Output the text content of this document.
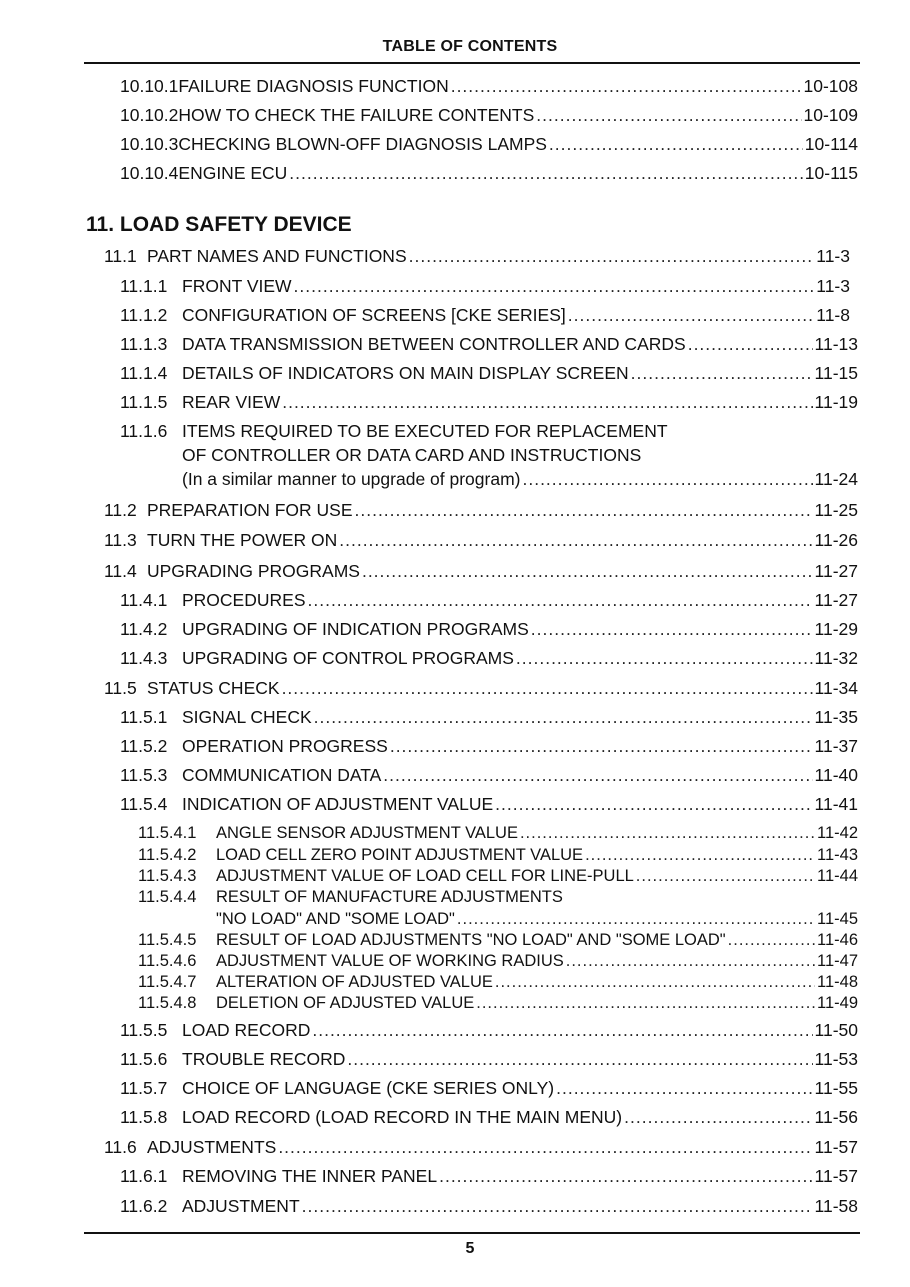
TABLE OF CONTENTS
10.10.1 FAILURE DIAGNOSIS FUNCTION .....	10-108
10.10.2 HOW TO CHECK THE FAILURE CONTENTS .....	10-109
10.10.3 CHECKING BLOWN-OFF DIAGNOSIS LAMPS .....	10-114
10.10.4 ENGINE ECU .....	10-115
11. LOAD SAFETY DEVICE
11.1 PART NAMES AND FUNCTIONS .....	11-3
11.1.1 FRONT VIEW .....	11-3
11.1.2 CONFIGURATION OF SCREENS [CKE SERIES] .....	11-8
11.1.3 DATA TRANSMISSION BETWEEN CONTROLLER AND CARDS .....	11-13
11.1.4 DETAILS OF INDICATORS ON MAIN DISPLAY SCREEN .....	11-15
11.1.5 REAR VIEW .....	11-19
11.1.6 ITEMS REQUIRED TO BE EXECUTED FOR REPLACEMENT
OF CONTROLLER OR DATA CARD AND INSTRUCTIONS
(In a similar manner to upgrade of program) .....	11-24
11.2 PREPARATION FOR USE .....	11-25
11.3 TURN THE POWER ON .....	11-26
11.4 UPGRADING PROGRAMS .....	11-27
11.4.1 PROCEDURES .....	11-27
11.4.2 UPGRADING OF INDICATION PROGRAMS .....	11-29
11.4.3 UPGRADING OF CONTROL PROGRAMS .....	11-32
11.5 STATUS CHECK .....	11-34
11.5.1 SIGNAL CHECK .....	11-35
11.5.2 OPERATION PROGRESS .....	11-37
11.5.3 COMMUNICATION DATA .....	11-40
11.5.4 INDICATION OF ADJUSTMENT VALUE .....	11-41
11.5.4.1	ANGLE SENSOR ADJUSTMENT VALUE .....	11-42
11.5.4.2	LOAD CELL ZERO POINT ADJUSTMENT VALUE .....	11-43
11.5.4.3	ADJUSTMENT VALUE OF LOAD CELL FOR LINE-PULL .....	11-44
11.5.4.4 RESULT OF MANUFACTURE ADJUSTMENTS
"NO LOAD" AND "SOME LOAD" .....	11-45
11.5.4.5	RESULT OF LOAD ADJUSTMENTS "NO LOAD" AND "SOME LOAD" .....	11-46
11.5.4.6	ADJUSTMENT VALUE OF WORKING RADIUS .....	11-47
11.5.4.7	ALTERATION OF ADJUSTED VALUE .....	11-48
11.5.4.8	DELETION OF ADJUSTED VALUE .....	11-49
11.5.5 LOAD RECORD .....	11-50
11.5.6 TROUBLE RECORD .....	11-53
11.5.7 CHOICE OF LANGUAGE (CKE SERIES ONLY) .....	11-55
11.5.8 LOAD RECORD (LOAD RECORD IN THE MAIN MENU) .....	11-56
11.6 ADJUSTMENTS .....	11-57
11.6.1 REMOVING THE INNER PANEL .....	11-57
11.6.2 ADJUSTMENT .....	11-58
5
